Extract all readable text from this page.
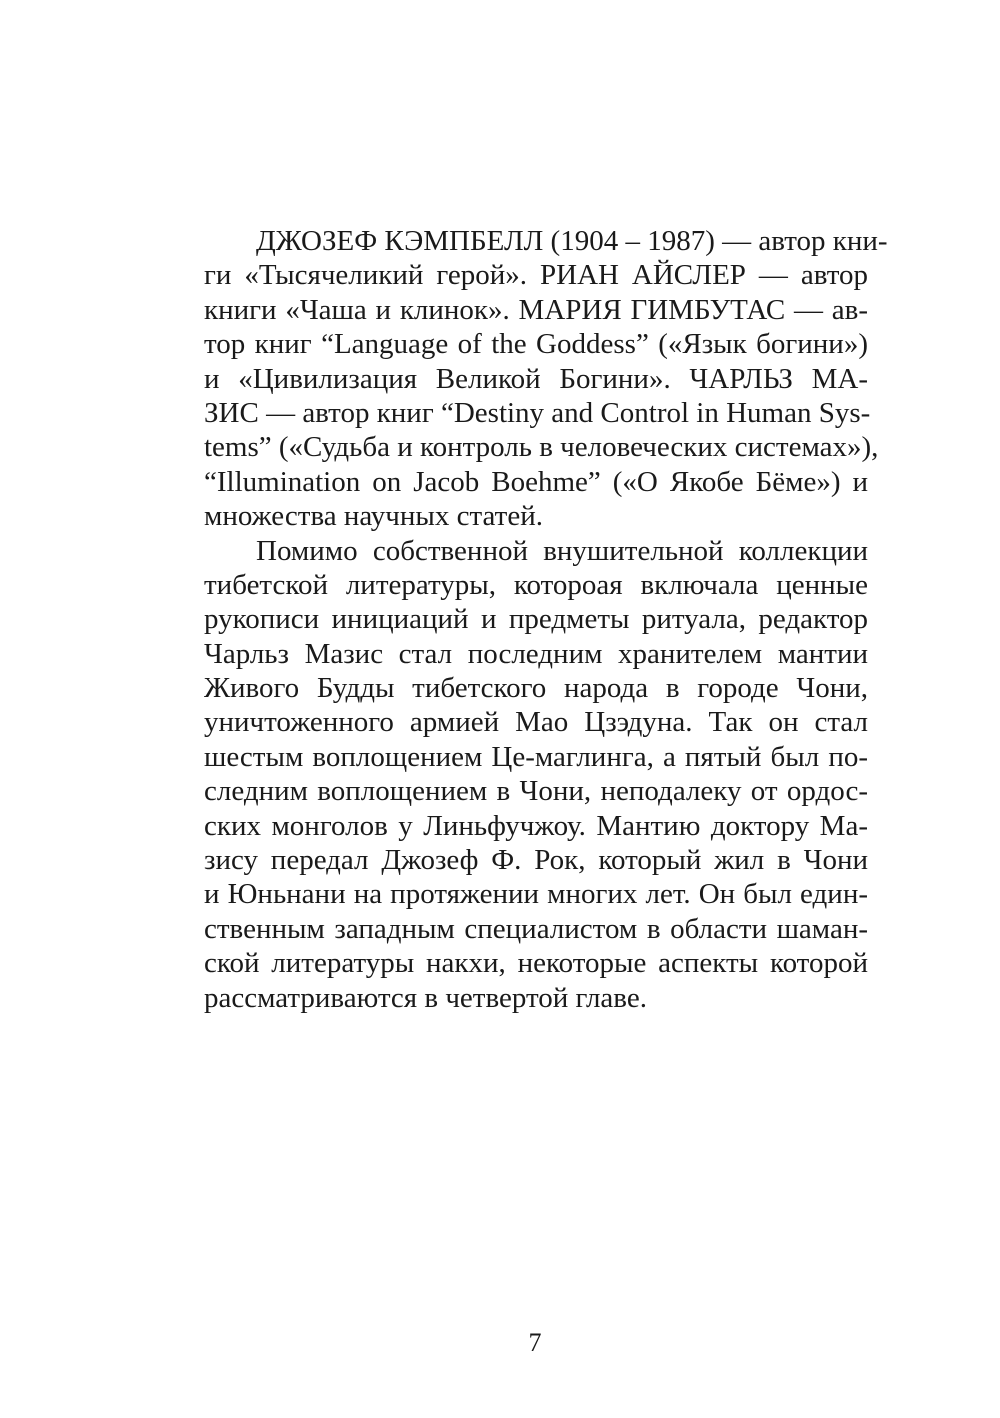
ДЖОЗЕФ КЭМПБЕЛЛ (1904 – 1987) — автор кни-
ги «Тысячеликий герой». РИАН АЙСЛЕР — автор
книги «Чаша и клинок». МАРИЯ ГИМБУТАС — ав-
тор книг “Language of the Goddess” («Язык богини»)
и «Цивилизация Великой Богини». ЧАРЛЬЗ МА-
ЗИС — автор книг “Destiny and Control in Human Sys-
tems” («Судьба и контроль в человеческих системах»),
“Illumination on Jacob Boehme” («О Якобе Бёме») и
множества научных статей.
Помимо собственной внушительной коллекции
тибетской литературы, котороая включала ценные
рукописи инициаций и предметы ритуала, редактор
Чарльз Мазис стал последним хранителем мантии
Живого Будды тибетского народа в городе Чони,
уничтоженного армией Мао Цзэдуна. Так он стал
шестым воплощением Це-маглинга, а пятый был по-
следним воплощением в Чони, неподалеку от ордос-
ских монголов у Линьфучжоу. Мантию доктору Ма-
зису передал Джозеф Ф. Рок, который жил в Чони
и Юньнани на протяжении многих лет. Он был един-
ственным западным специалистом в области шаман-
ской литературы накхи, некоторые аспекты которой
рассматриваются в четвертой главе.
7
